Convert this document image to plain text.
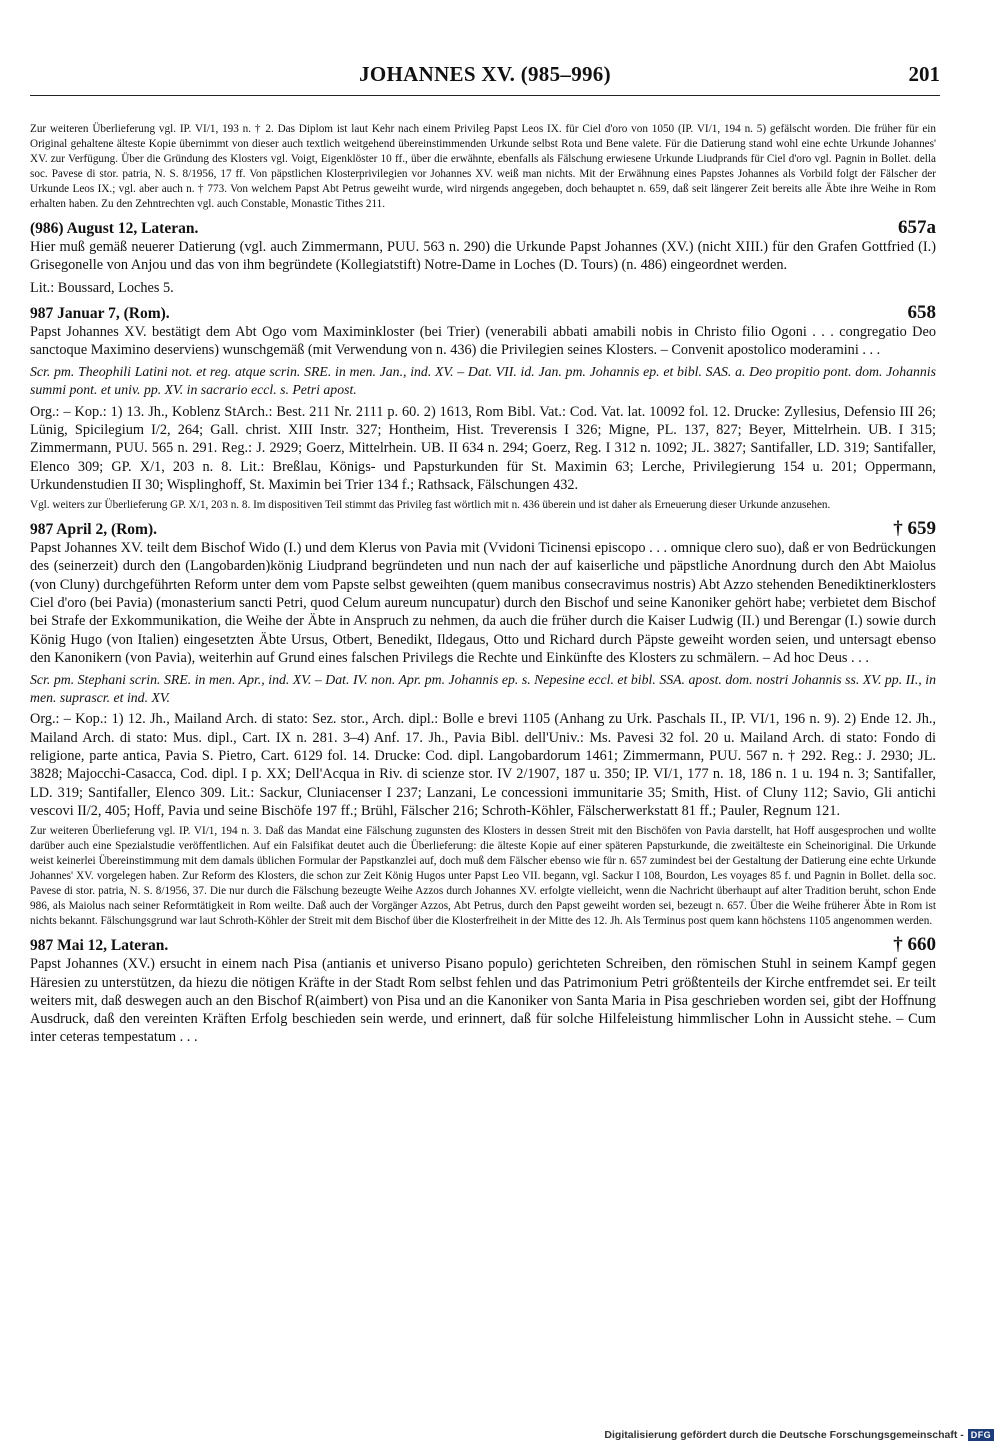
JOHANNES XV. (985–996)	201

Zur weiteren Überlieferung vgl. IP. VI/1, 193 n. † 2. Das Diplom ist laut Kehr nach einem Privileg Papst Leos IX. für Ciel d'oro von 1050 (IP. VI/1, 194 n. 5) gefälscht worden. Die früher für ein Original gehaltene älteste Kopie übernimmt von dieser auch textlich weitgehend übereinstimmenden Urkunde selbst Rota und Bene valete. Für die Datierung stand wohl eine echte Urkunde Johannes' XV. zur Verfügung. Über die Gründung des Klosters vgl. Voigt, Eigenklöster 10 ff., über die erwähnte, ebenfalls als Fälschung erwiesene Urkunde Liudprands für Ciel d'oro vgl. Pagnin in Bollet. della soc. Pavese di stor. patria, N. S. 8/1956, 17 ff. Von päpstlichen Klosterprivilegien vor Johannes XV. weiß man nichts. Mit der Erwähnung eines Papstes Johannes als Vorbild folgt der Fälscher der Urkunde Leos IX.; vgl. aber auch n. † 773. Von welchem Papst Abt Petrus geweiht wurde, wird nirgends angegeben, doch behauptet n. 659, daß seit längerer Zeit bereits alle Äbte ihre Weihe in Rom erhalten haben. Zu den Zehntrechten vgl. auch Constable, Monastic Tithes 211.

(986) August 12, Lateran.	657a

Hier muß gemäß neuerer Datierung (vgl. auch Zimmermann, PUU. 563 n. 290) die Urkunde Papst Johannes (XV.) (nicht XIII.) für den Grafen Gottfried (I.) Grisegonelle von Anjou und das von ihm begründete (Kollegiatstift) Notre-Dame in Loches (D. Tours) (n. 486) eingeordnet werden.

Lit.: Boussard, Loches 5.

987 Januar 7, (Rom).	658

Papst Johannes XV. bestätigt dem Abt Ogo vom Maximinkloster (bei Trier) (venerabili abbati amabili nobis in Christo filio Ogoni . . . congregatio Deo sanctoque Maximino deserviens) wunschgemäß (mit Verwendung von n. 436) die Privilegien seines Klosters. – Convenit apostolico moderamini . . .

Scr. pm. Theophili Latini not. et reg. atque scrin. SRE. in men. Jan., ind. XV. – Dat. VII. id. Jan. pm. Johannis ep. et bibl. SAS. a. Deo propitio pont. dom. Johannis summi pont. et univ. pp. XV. in sacrario eccl. s. Petri apost.

Org.: – Kop.: 1) 13. Jh., Koblenz StArch.: Best. 211 Nr. 2111 p. 60. 2) 1613, Rom Bibl. Vat.: Cod. Vat. lat. 10092 fol. 12. Drucke: Zyllesius, Defensio III 26; Lünig, Spicilegium I/2, 264; Gall. christ. XIII Instr. 327; Hontheim, Hist. Treverensis I 326; Migne, PL. 137, 827; Beyer, Mittelrhein. UB. I 315; Zimmermann, PUU. 565 n. 291. Reg.: J. 2929; Goerz, Mittelrhein. UB. II 634 n. 294; Goerz, Reg. I 312 n. 1092; JL. 3827; Santifaller, LD. 319; Santifaller, Elenco 309; GP. X/1, 203 n. 8. Lit.: Breßlau, Königs- und Papsturkunden für St. Maximin 63; Lerche, Privilegierung 154 u. 201; Oppermann, Urkundenstudien II 30; Wisplinghoff, St. Maximin bei Trier 134 f.; Rathsack, Fälschungen 432.

Vgl. weiters zur Überlieferung GP. X/1, 203 n. 8. Im dispositiven Teil stimmt das Privileg fast wörtlich mit n. 436 überein und ist daher als Erneuerung dieser Urkunde anzusehen.

987 April 2, (Rom).	† 659

Papst Johannes XV. teilt dem Bischof Wido (I.) und dem Klerus von Pavia mit (Vvidoni Ticinensi episcopo . . . omnique clero suo), daß er von Bedrückungen des (seinerzeit) durch den (Langobarden)könig Liudprand begründeten und nun nach der auf kaiserliche und päpstliche Anordnung durch den Abt Maiolus (von Cluny) durchgeführten Reform unter dem vom Papste selbst geweihten (quem manibus consecravimus nostris) Abt Azzo stehenden Benediktinerklosters Ciel d'oro (bei Pavia) (monasterium sancti Petri, quod Celum aureum nuncupatur) durch den Bischof und seine Kanoniker gehört habe; verbietet dem Bischof bei Strafe der Exkommunikation, die Weihe der Äbte in Anspruch zu nehmen, da auch die früher durch die Kaiser Ludwig (II.) und Berengar (I.) sowie durch König Hugo (von Italien) eingesetzten Äbte Ursus, Otbert, Benedikt, Ildegaus, Otto und Richard durch Päpste geweiht worden seien, und untersagt ebenso den Kanonikern (von Pavia), weiterhin auf Grund eines falschen Privilegs die Rechte und Einkünfte des Klosters zu schmälern. – Ad hoc Deus . . .

Scr. pm. Stephani scrin. SRE. in men. Apr., ind. XV. – Dat. IV. non. Apr. pm. Johannis ep. s. Nepesine eccl. et bibl. SSA. apost. dom. nostri Johannis ss. XV. pp. II., in men. suprascr. et ind. XV.

Org.: – Kop.: 1) 12. Jh., Mailand Arch. di stato: Sez. stor., Arch. dipl.: Bolle e brevi 1105 (Anhang zu Urk. Paschals II., IP. VI/1, 196 n. 9). 2) Ende 12. Jh., Mailand Arch. di stato: Mus. dipl., Cart. IX n. 281. 3–4) Anf. 17. Jh., Pavia Bibl. dell'Univ.: Ms. Pavesi 32 fol. 20 u. Mailand Arch. di stato: Fondo di religione, parte antica, Pavia S. Pietro, Cart. 6129 fol. 14. Drucke: Cod. dipl. Langobardorum 1461; Zimmermann, PUU. 567 n. † 292. Reg.: J. 2930; JL. 3828; Majocchi-Casacca, Cod. dipl. I p. XX; Dell'Acqua in Riv. di scienze stor. IV 2/1907, 187 u. 350; IP. VI/1, 177 n. 18, 186 n. 1 u. 194 n. 3; Santifaller, LD. 319; Santifaller, Elenco 309. Lit.: Sackur, Cluniacenser I 237; Lanzani, Le concessioni immunitarie 35; Smith, Hist. of Cluny 112; Savio, Gli antichi vescovi II/2, 405; Hoff, Pavia und seine Bischöfe 197 ff.; Brühl, Fälscher 216; Schroth-Köhler, Fälscherwerkstatt 81 ff.; Pauler, Regnum 121.

Zur weiteren Überlieferung vgl. IP. VI/1, 194 n. 3. Daß das Mandat eine Fälschung zugunsten des Klosters in dessen Streit mit den Bischöfen von Pavia darstellt, hat Hoff ausgesprochen und wollte darüber auch eine Spezialstudie veröffentlichen. Auf ein Falsifikat deutet auch die Überlieferung: die älteste Kopie auf einer späteren Papsturkunde, die zweitälteste ein Scheinoriginal. Die Urkunde weist keinerlei Übereinstimmung mit dem damals üblichen Formular der Papstkanzlei auf, doch muß dem Fälscher ebenso wie für n. 657 zumindest bei der Gestaltung der Datierung eine echte Urkunde Johannes' XV. vorgelegen haben. Zur Reform des Klosters, die schon zur Zeit König Hugos unter Papst Leo VII. begann, vgl. Sackur I 108, Bourdon, Les voyages 85 f. und Pagnin in Bollet. della soc. Pavese di stor. patria, N. S. 8/1956, 37. Die nur durch die Fälschung bezeugte Weihe Azzos durch Johannes XV. erfolgte vielleicht, wenn die Nachricht überhaupt auf alter Tradition beruht, schon Ende 986, als Maiolus nach seiner Reformtätigkeit in Rom weilte. Daß auch der Vorgänger Azzos, Abt Petrus, durch den Papst geweiht worden sei, bezeugt n. 657. Über die Weihe früherer Äbte in Rom ist nichts bekannt. Fälschungsgrund war laut Schroth-Köhler der Streit mit dem Bischof über die Klosterfreiheit in der Mitte des 12. Jh. Als Terminus post quem kann höchstens 1105 angenommen werden.

987 Mai 12, Lateran.	† 660

Papst Johannes (XV.) ersucht in einem nach Pisa (antianis et universo Pisano populo) gerichteten Schreiben, den römischen Stuhl in seinem Kampf gegen Häresien zu unterstützen, da hiezu die nötigen Kräfte in der Stadt Rom selbst fehlen und das Patrimonium Petri größtenteils der Kirche entfremdet sei. Er teilt weiters mit, daß deswegen auch an den Bischof R(aimbert) von Pisa und an die Kanoniker von Santa Maria in Pisa geschrieben worden sei, gibt der Hoffnung Ausdruck, daß den vereinten Kräften Erfolg beschieden sein werde, und erinnert, daß für solche Hilfeleistung himmlischer Lohn in Aussicht stehe. – Cum inter ceteras tempestatum . . .

Digitalisierung gefördert durch die Deutsche Forschungsgemeinschaft - DFG
